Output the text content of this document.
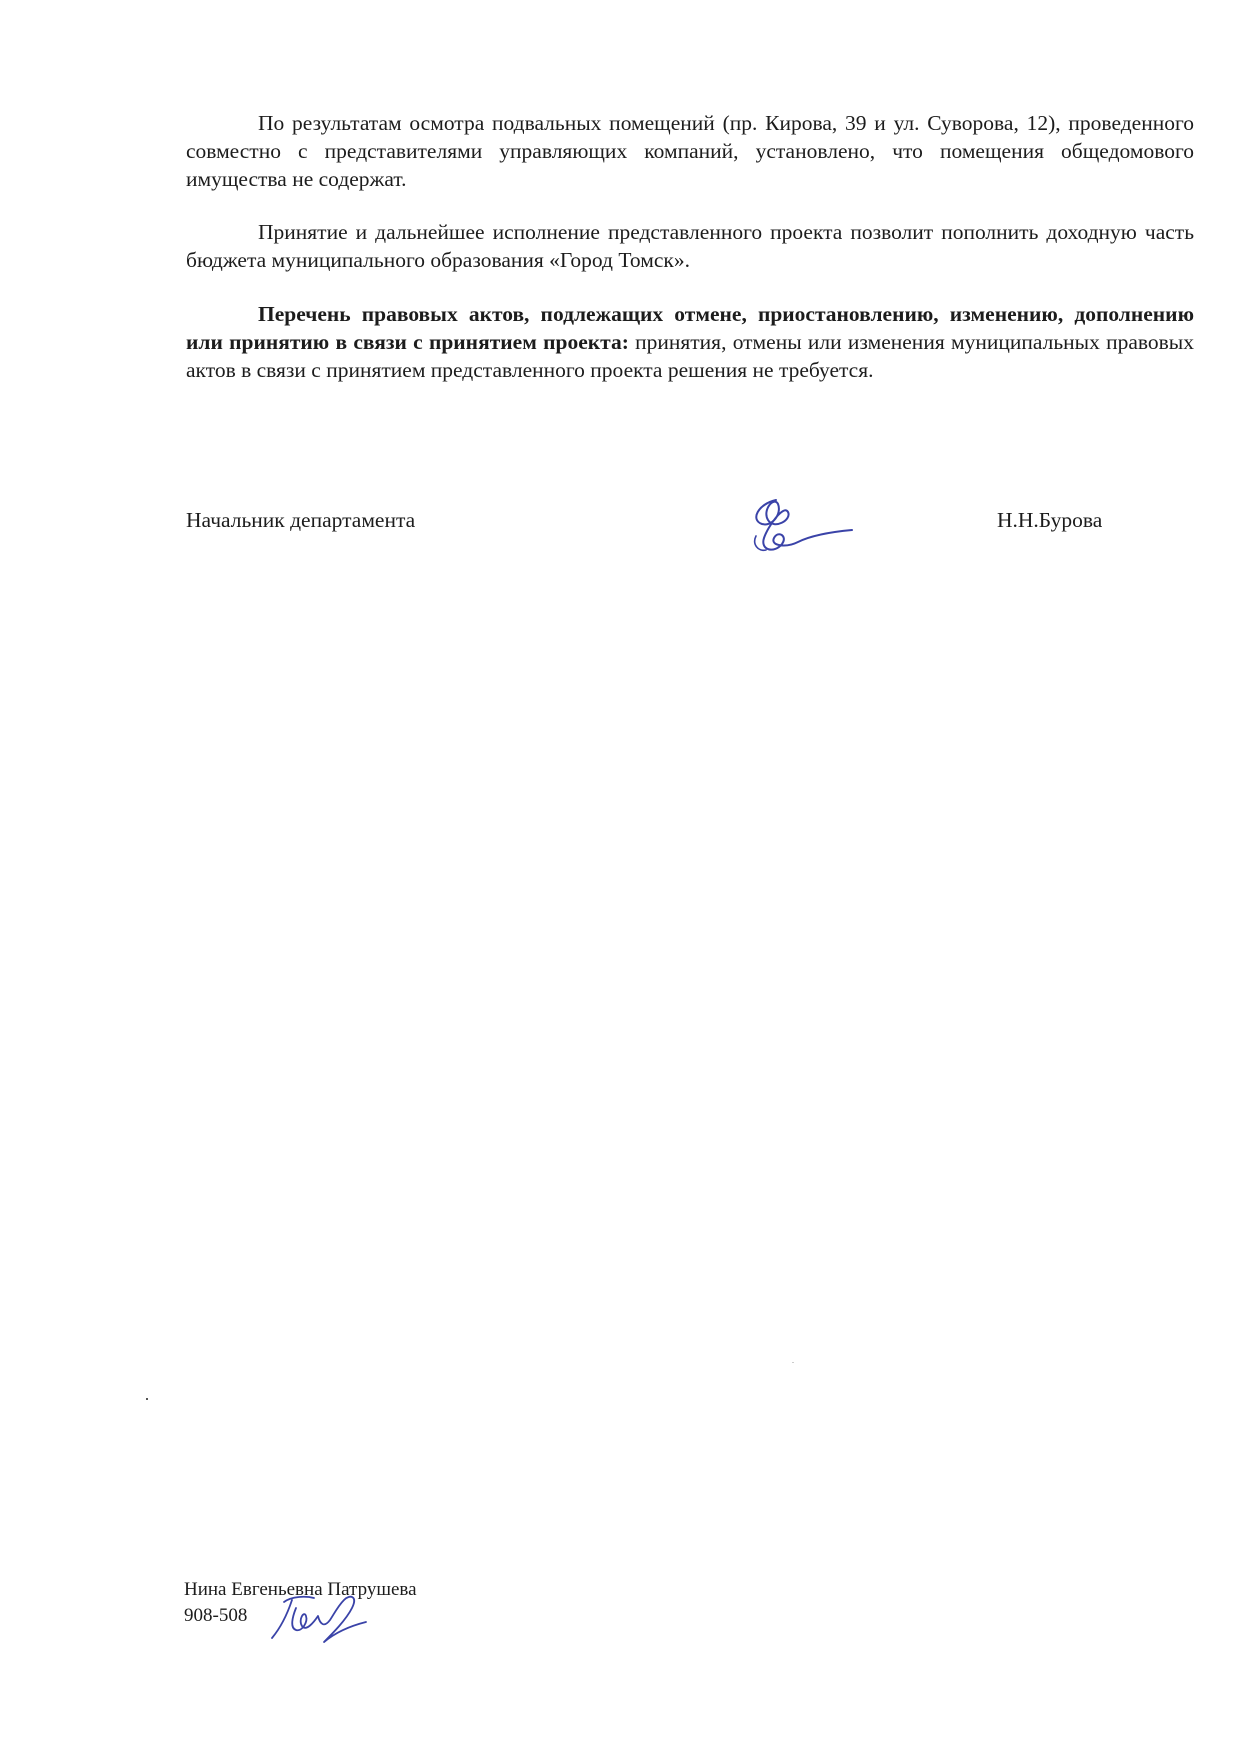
По результатам осмотра подвальных помещений (пр. Кирова, 39 и ул. Суворова, 12), проведенного совместно с представителями управляющих компаний, установлено, что помещения общедомового имущества не содержат.

Принятие и дальнейшее исполнение представленного проекта позволит пополнить доходную часть бюджета муниципального образования «Город Томск».

Перечень правовых актов, подлежащих отмене, приостановлению, изменению, дополнению или принятию в связи с принятием проекта: принятия, отмены или изменения муниципальных правовых актов в связи с принятием представленного проекта решения не требуется.

Начальник департамента	Н.Н.Бурова
Нина Евгеньевна Патрушева
908-508
